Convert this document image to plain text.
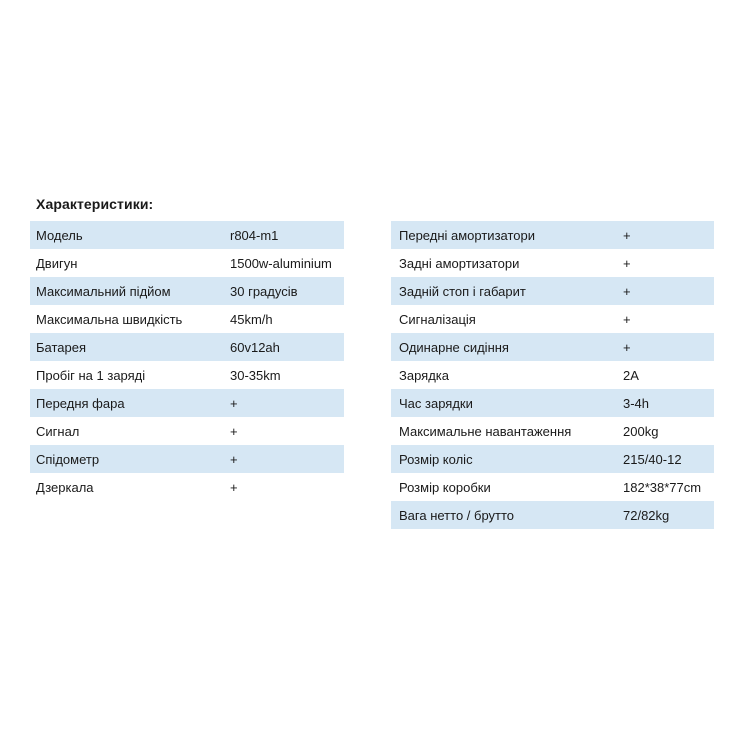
Характеристики:
Модель	r804-m1
Двигун	1500w-aluminium
Максимальний підйом	30 градусів
Максимальна швидкість	45km/h
Батарея	60v12ah
Пробіг на 1 заряді	30-35km
Передня фара	+
Сигнал	+
Спідометр	+
Дзеркала	+
Передні амортизатори	+
Задні амортизатори	+
Задній стоп і габарит	+
Сигналізація	+
Одинарне сидіння	+
Зарядка	2A
Час зарядки	3-4h
Максимальне навантаження	200kg
Розмір коліс	215/40-12
Розмір коробки	182*38*77cm
Вага нетто / брутто	72/82kg
